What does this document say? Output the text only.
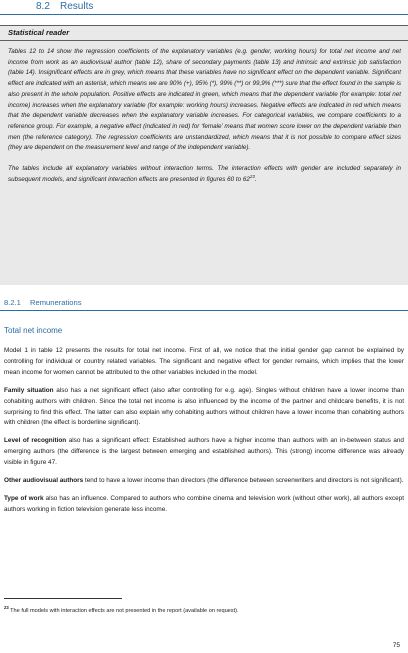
8.2 Results
Statistical reader

Tables 12 to 14 show the regression coefficients of the explanatory variables (e.g. gender, working hours) for total net income and net income from work as an audiovisual author (table 12), share of secondary payments (table 13) and intrinsic and extrinsic job satisfaction (table 14). Insignificant effects are in grey, which means that these variables have no significant effect on the dependent variable. Significant effect are indicated with an asterisk, which means we are 90% (+), 95% (*), 99% (**) or 99,9% (***) sure that the effect found in the sample is also present in the whole population. Positive effects are indicated in green, which means that the dependent variable (for example: total net income) increases when the explanatory variable (for example: working hours) increases. Negative effects are indicated in red which means that the dependent variable decreases when the explanatory variable increases. For categorical variables, we compare coefficients to a reference group. For example, a negative effect (indicated in red) for ‘female’ means that women score lower on the dependent variable then men (the reference category). The regression coefficients are unstandardized, which means that it is not possible to compare effect sizes (they are dependent on the measurement level and range of the independent variable).

The tables include all explanatory variables without interaction terms. The interaction effects with gender are included separately in subsequent models, and significant interaction effects are presented in figures 60 to $62^{23}$.

8.2.1 Remunerations
Total net income

Model 1 in table 12 presents the results for total net income. First of all, we notice that the initial gender gap cannot be explained by controlling for individual or country related variables. The significant and negative effect for gender remains, which implies that the lower mean income for women cannot be attributed to the other variables included in the model.

Family situation also has a net significant effect (also after controlling for e.g. age). Singles without children have a lower income than cohabiting authors with children. Since the total net income is also influenced by the income of the partner and childcare benefits, it is not surprising to find this effect. The latter can also explain why cohabiting authors without children have a lower income than cohabiting authors with children (the effect is borderline significant).

Level of recognition also has a significant effect: Established authors have a higher income than authors with an in-between status and emerging authors (the difference is the largest between emerging and established authors). This (strong) income difference was already visible in figure 47.

Other audiovisual authors tend to have a lower income than directors (the difference between screenwriters and directors is not significant).

Type of work also has an influence. Compared to authors who combine cinema and television work (without other work), all authors except authors working in fiction television generate less income.

$^{23}$ The full models with interaction effects are not presented in the report (available on request).
75
